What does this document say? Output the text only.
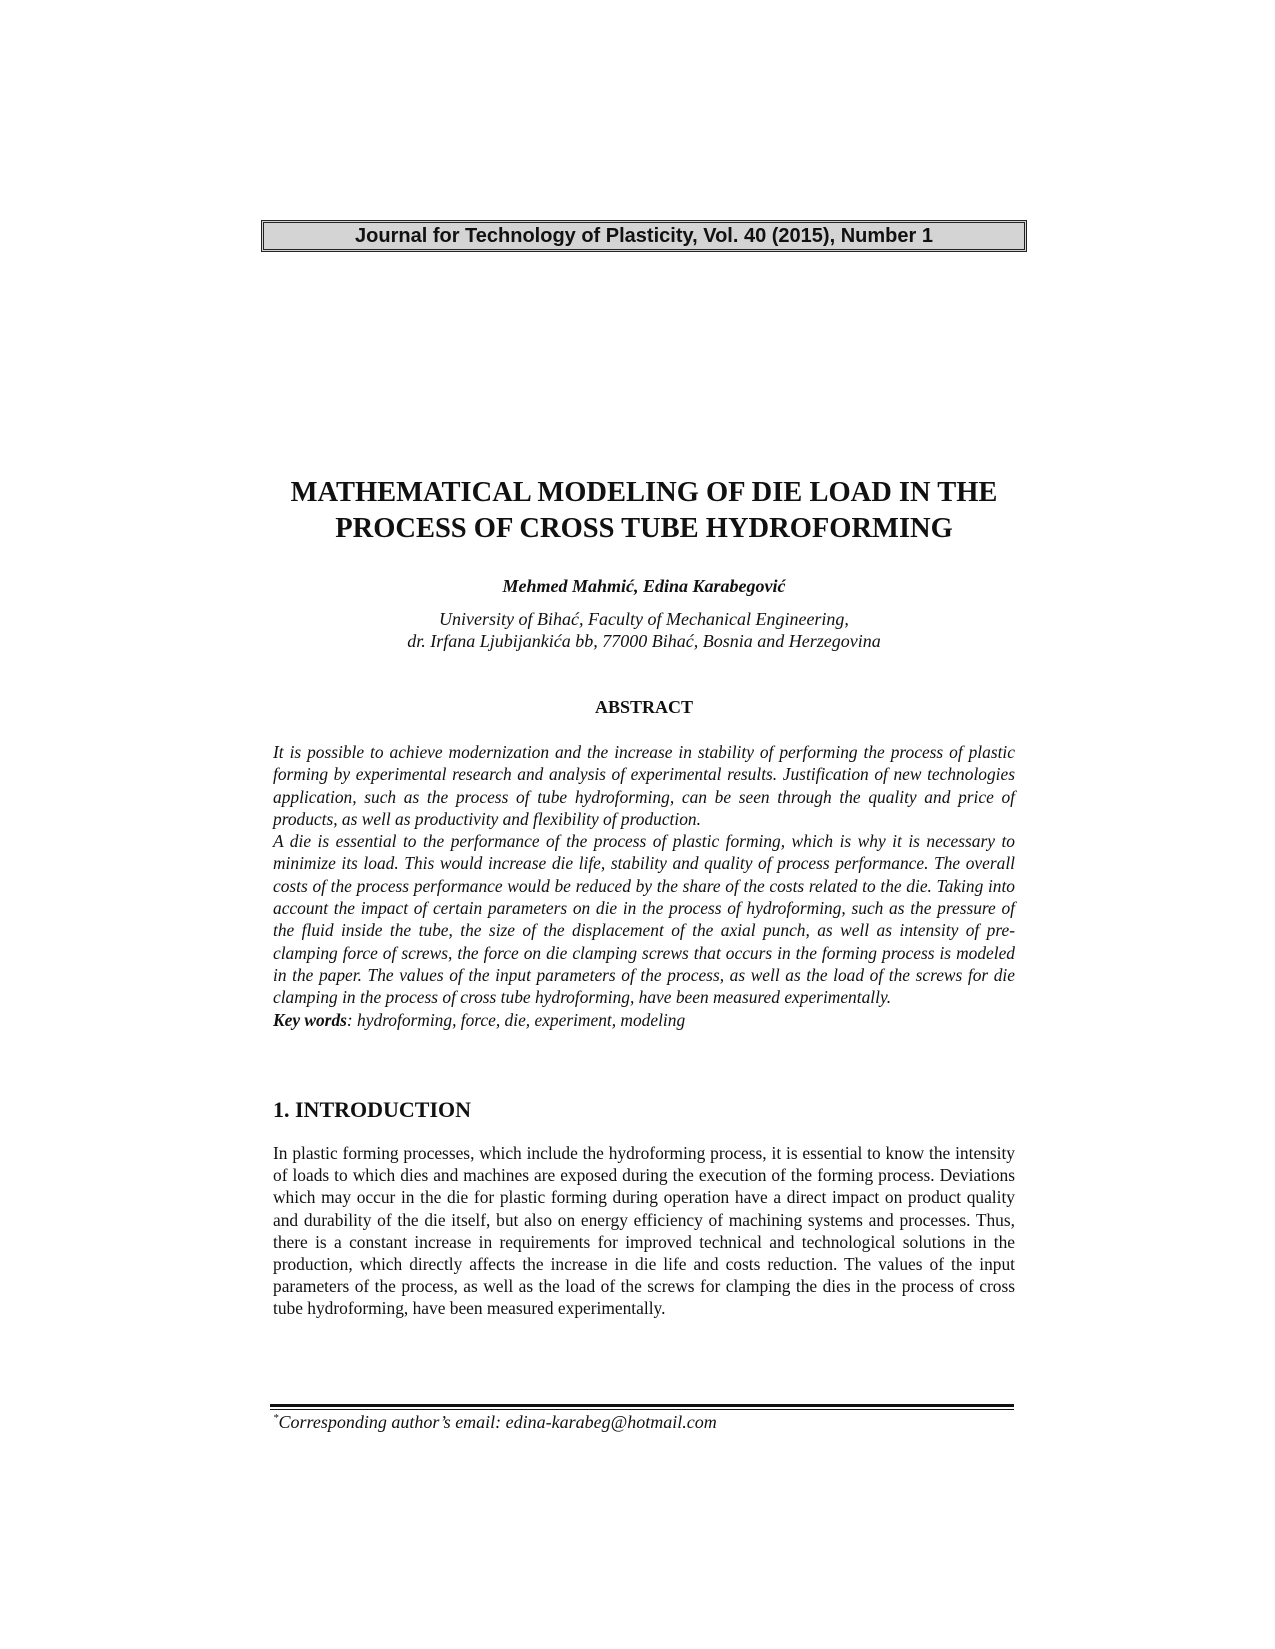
Journal for Technology of Plasticity, Vol. 40 (2015), Number 1
MATHEMATICAL MODELING OF DIE LOAD IN THE
PROCESS OF CROSS TUBE HYDROFORMING
Mehmed Mahmić, Edina Karabegović
University of Bihać, Faculty of Mechanical Engineering,
dr. Irfana Ljubijankića bb, 77000 Bihać, Bosnia and Herzegovina
ABSTRACT

It is possible to achieve modernization and the increase in stability of performing the process of plastic forming by experimental research and analysis of experimental results. Justification of new technologies application, such as the process of tube hydroforming, can be seen through the quality and price of products, as well as productivity and flexibility of production.

A die is essential to the performance of the process of plastic forming, which is why it is necessary to minimize its load. This would increase die life, stability and quality of process performance. The overall costs of the process performance would be reduced by the share of the costs related to the die. Taking into account the impact of certain parameters on die in the process of hydroforming, such as the pressure of the fluid inside the tube, the size of the displacement of the axial punch, as well as intensity of pre-clamping force of screws, the force on die clamping screws that occurs in the forming process is modeled in the paper. The values of the input parameters of the process, as well as the load of the screws for die clamping in the process of cross tube hydroforming, have been measured experimentally.

Key words: hydroforming, force, die, experiment, modeling

1. INTRODUCTION

In plastic forming processes, which include the hydroforming process, it is essential to know the intensity of loads to which dies and machines are exposed during the execution of the forming process. Deviations which may occur in the die for plastic forming during operation have a direct impact on product quality and durability of the die itself, but also on energy efficiency of machining systems and processes. Thus, there is a constant increase in requirements for improved technical and technological solutions in the production, which directly affects the increase in die life and costs reduction. The values of the input parameters of the process, as well as the load of the screws for clamping the dies in the process of cross tube hydroforming, have been measured experimentally.

*Corresponding author’s email: edina-karabeg@hotmail.com
